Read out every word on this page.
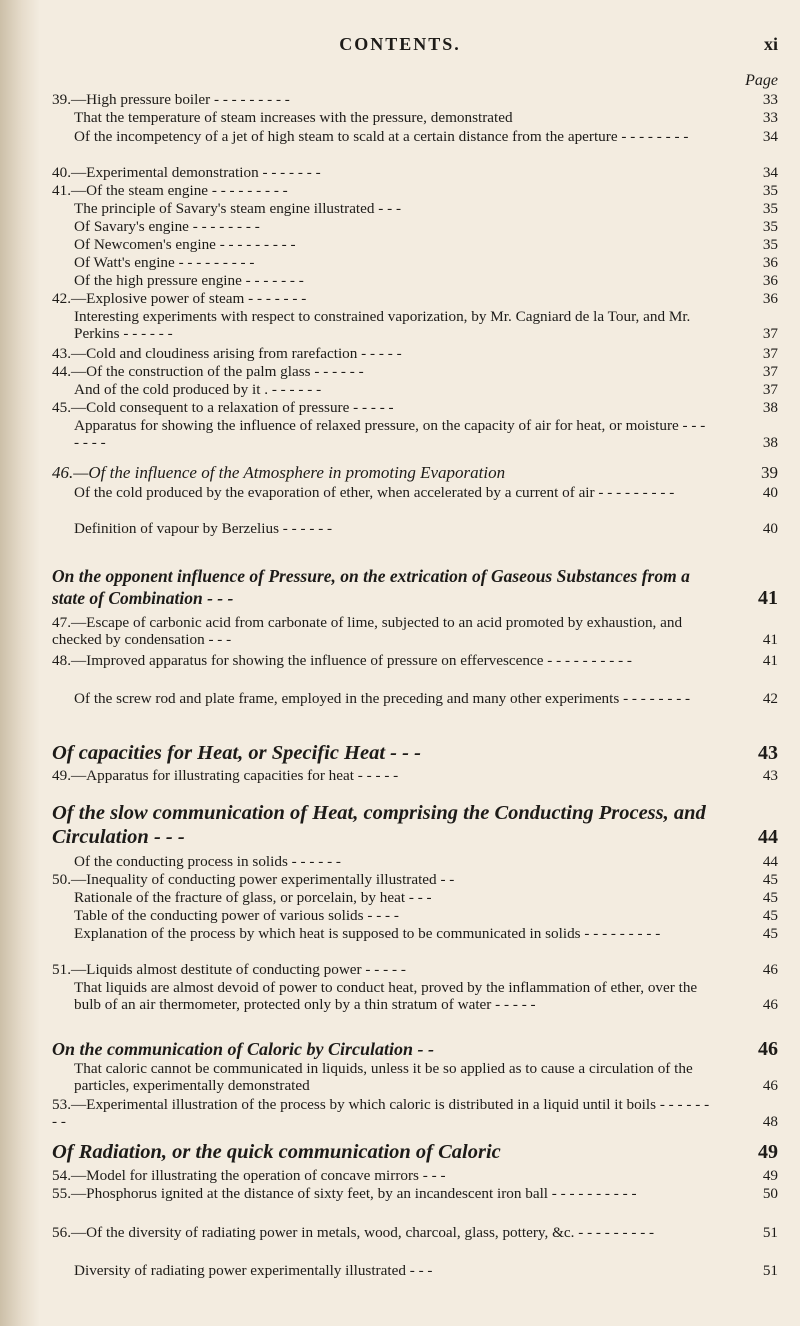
CONTENTS.	xi
Page
39.—High pressure boiler - - - - - - - - -	33
That the temperature of steam increases with the pressure, demonstrated	33
Of the incompetency of a jet of high steam to scald at a certain distance from the aperture - - - - - - - -	34
40.—Experimental demonstration - - - - - - -	34
41.—Of the steam engine - - - - - - - - -	35
The principle of Savary's steam engine illustrated - - -	35
Of Savary's engine - - - - - - - -	35
Of Newcomen's engine - - - - - - - - -	35
Of Watt's engine - - - - - - - - -	36
Of the high pressure engine - - - - - - -	36
42.—Explosive power of steam - - - - - - -	36
Interesting experiments with respect to constrained vaporization, by Mr. Cagniard de la Tour, and Mr. Perkins - - - - - -	37
43.—Cold and cloudiness arising from rarefaction - - - - -	37
44.—Of the construction of the palm glass - - - - - -	37
And of the cold produced by it . - - - - - -	37
45.—Cold consequent to a relaxation of pressure - - - - -	38
Apparatus for showing the influence of relaxed pressure, on the capacity of air for heat, or moisture - - - - - - -	38
46.—Of the influence of the Atmosphere in promoting Evaporation	39
Of the cold produced by the evaporation of ether, when accelerated by a current of air - - - - - - - - -	40
Definition of vapour by Berzelius - - - - - -	40
On the opponent influence of Pressure, on the extrication of Gaseous Substances from a state of Combination - - -	41
47.—Escape of carbonic acid from carbonate of lime, subjected to an acid promoted by exhaustion, and checked by condensation - - -	41
48.—Improved apparatus for showing the influence of pressure on effervescence - - - - - - - - - -	41
Of the screw rod and plate frame, employed in the preceding and many other experiments - - - - - - - -	42
Of capacities for Heat, or Specific Heat - - -	43
49.—Apparatus for illustrating capacities for heat - - - - -	43
Of the slow communication of Heat, comprising the Conducting Process, and Circulation - - -	44
Of the conducting process in solids - - - - - -	44
50.—Inequality of conducting power experimentally illustrated - -	45
Rationale of the fracture of glass, or porcelain, by heat - - -	45
Table of the conducting power of various solids - - - -	45
Explanation of the process by which heat is supposed to be communicated in solids - - - - - - - - -	45
51.—Liquids almost destitute of conducting power - - - - -	46
That liquids are almost devoid of power to conduct heat, proved by the inflammation of ether, over the bulb of an air thermometer, protected only by a thin stratum of water - - - - -	46
On the communication of Caloric by Circulation - -	46
That caloric cannot be communicated in liquids, unless it be so applied as to cause a circulation of the particles, experimentally demonstrated	46
53.—Experimental illustration of the process by which caloric is distributed in a liquid until it boils - - - - - - - -	48
Of Radiation, or the quick communication of Caloric	49
54.—Model for illustrating the operation of concave mirrors - - -	49
55.—Phosphorus ignited at the distance of sixty feet, by an incandescent iron ball - - - - - - - - - -	50
56.—Of the diversity of radiating power in metals, wood, charcoal, glass, pottery, &c. - - - - - - - - -	51
Diversity of radiating power experimentally illustrated - - -	51
